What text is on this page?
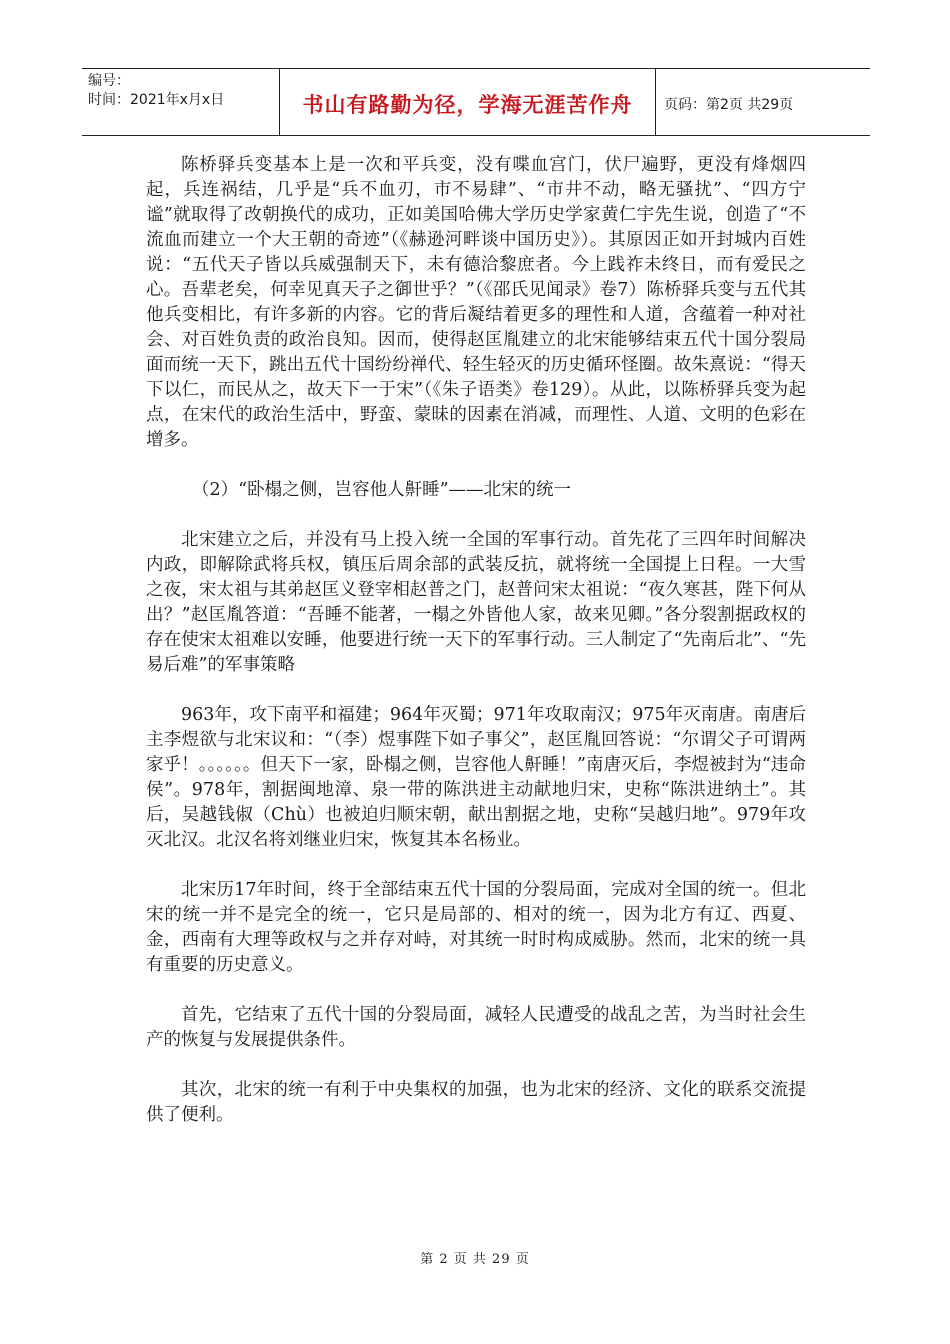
编号：
时间：2021年x月x日	书山有路勤为径，学海无涯苦作舟	页码：第2页 共29页

陈桥驿兵变基本上是一次和平兵变，没有喋血宫门，伏尸遍野，更没有烽烟四起，兵连祸结，几乎是“兵不血刃，市不易肆”、“市井不动，略无骚扰”、“四方宁谧”就取得了改朝换代的成功，正如美国哈佛大学历史学家黄仁宇先生说，创造了“不流血而建立一个大王朝的奇迹”（《赫逊河畔谈中国历史》）。其原因正如开封城内百姓说：“五代天子皆以兵威强制天下，未有德洽黎庶者。今上践祚未终日，而有爱民之心。吾辈老矣，何幸见真天子之御世乎？”（《邵氏见闻录》卷7）陈桥驿兵变与五代其他兵变相比，有许多新的内容。它的背后凝结着更多的理性和人道，含蕴着一种对社会、对百姓负责的政治良知。因而，使得赵匡胤建立的北宋能够结束五代十国分裂局面而统一天下，跳出五代十国纷纷禅代、轻生轻灭的历史循环怪圈。故朱熹说：“得天下以仁，而民从之，故天下一于宋”（《朱子语类》卷129）。从此，以陈桥驿兵变为起点，在宋代的政治生活中，野蛮、蒙昧的因素在消减，而理性、人道、文明的色彩在增多。

（2）“卧榻之侧，岂容他人鼾睡”——北宋的统一

北宋建立之后，并没有马上投入统一全国的军事行动。首先花了三四年时间解决内政，即解除武将兵权，镇压后周余部的武装反抗，就将统一全国提上日程。一大雪之夜，宋太祖与其弟赵匡义登宰相赵普之门，赵普问宋太祖说：“夜久寒甚，陛下何从出？”赵匡胤答道：“吾睡不能著，一榻之外皆他人家，故来见卿。”各分裂割据政权的存在使宋太祖难以安睡，他要进行统一天下的军事行动。三人制定了“先南后北”、“先易后难”的军事策略

963年，攻下南平和福建；964年灭蜀；971年攻取南汉；975年灭南唐。南唐后主李煜欲与北宋议和：“（李）煜事陛下如子事父”，赵匡胤回答说：“尔谓父子可谓两家乎！。。。。。。但天下一家，卧榻之侧，岂容他人鼾睡！”南唐灭后，李煜被封为“违命侯”。978年，割据闽地漳、泉一带的陈洪进主动献地归宋，史称“陈洪进纳土”。其后，吴越钱俶（Chù）也被迫归顺宋朝，献出割据之地，史称“吴越归地”。979年攻灭北汉。北汉名将刘继业归宋，恢复其本名杨业。

北宋历17年时间，终于全部结束五代十国的分裂局面，完成对全国的统一。但北宋的统一并不是完全的统一，它只是局部的、相对的统一，因为北方有辽、西夏、金，西南有大理等政权与之并存对峙，对其统一时时构成威胁。然而，北宋的统一具有重要的历史意义。

首先，它结束了五代十国的分裂局面，减轻人民遭受的战乱之苦，为当时社会生产的恢复与发展提供条件。

其次，北宋的统一有利于中央集权的加强，也为北宋的经济、文化的联系交流提供了便利。

第 2 页 共 29 页
